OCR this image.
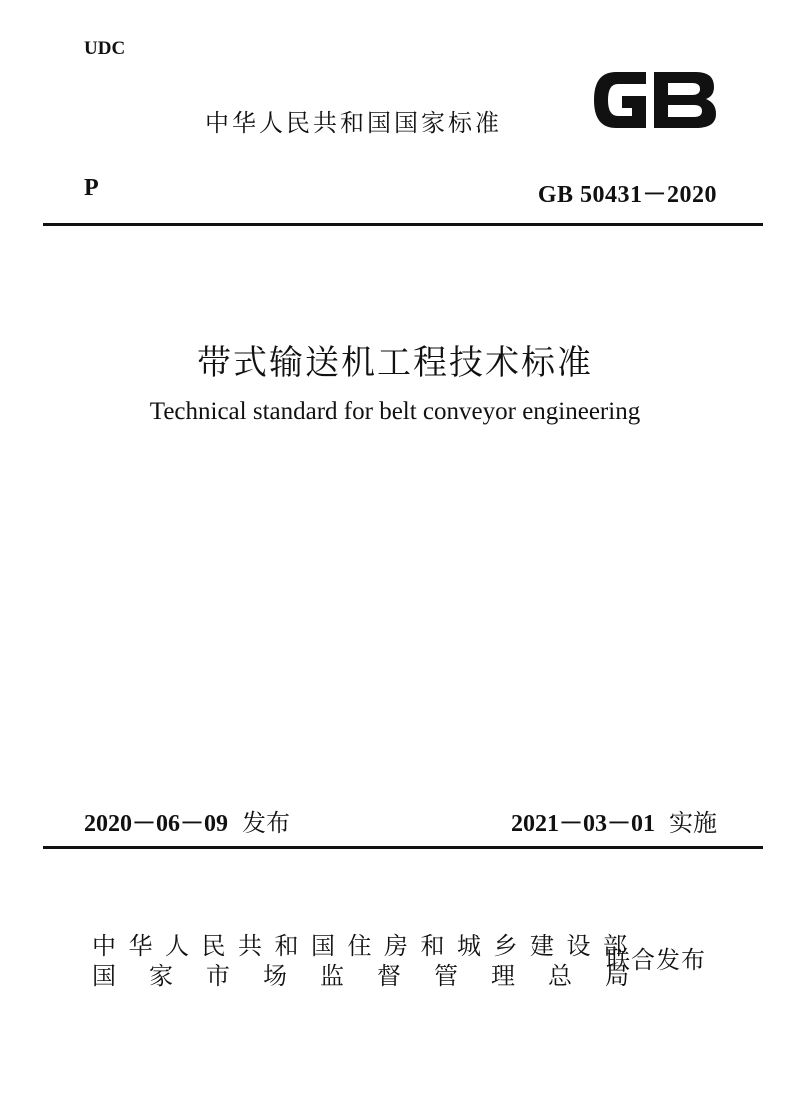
UDC
中华人民共和国国家标准
P	GB 50431－2020
带式输送机工程技术标准
Technical standard for belt conveyor engineering
2020－06－09 发布	2021－03－01 实施
中华人民共和国住房和城乡建设部
国家市场监督管理总局
联合发布
